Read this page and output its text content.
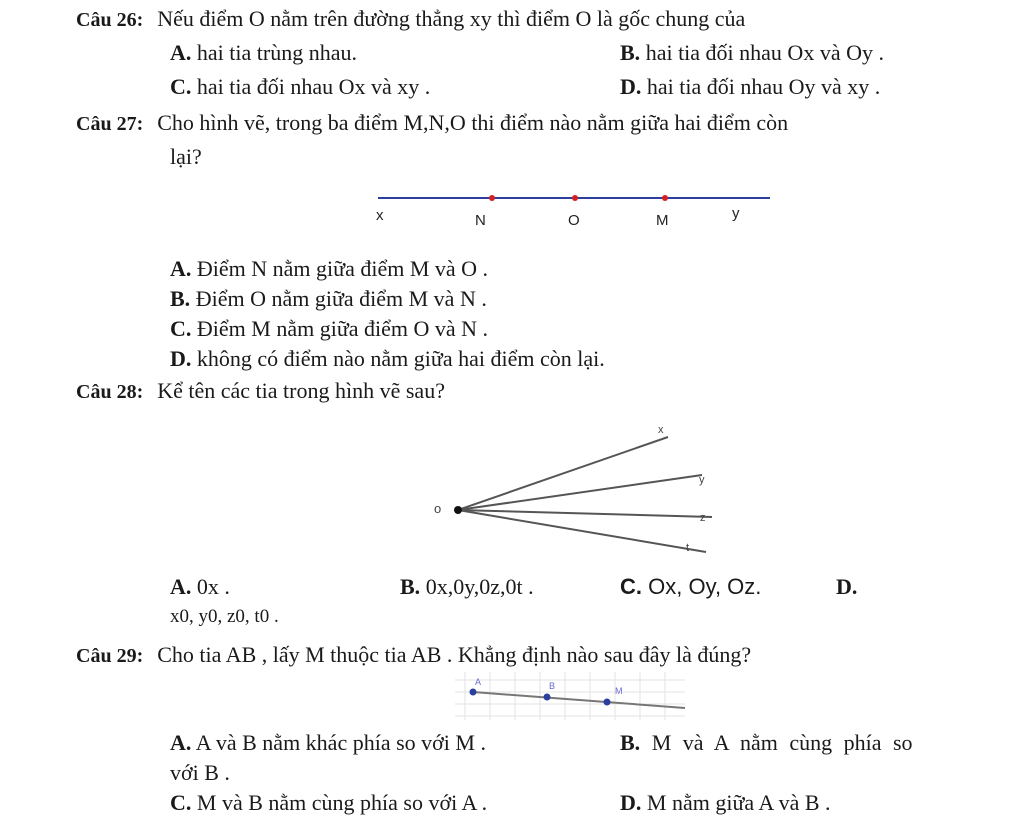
Câu 26: Nếu điểm O nằm trên đường thẳng xy thì điểm O là gốc chung của
A. hai tia trùng nhau.	B. hai tia đối nhau Ox và Oy .
C. hai tia đối nhau Ox và xy .	D. hai tia đối nhau Oy và xy .
Câu 27: Cho hình vẽ, trong ba điểm M,N,O thi điểm nào nằm giữa hai điểm còn
lại?
x	N	O	M	y
A. Điểm N nằm giữa điểm M và O .
B. Điểm O nằm giữa điểm M và N .
C. Điểm M nằm giữa điểm O và N .
D. không có điểm nào nằm giữa hai điểm còn lại.
Câu 28: Kể tên các tia trong hình vẽ sau?
o
x
y
z
t
A. 0x .	B. 0x,0y,0z,0t .	C. Ox, Oy, Oz.	D.
x0, y0, z0, t0 .
Câu 29: Cho tia AB , lấy M thuộc tia AB . Khẳng định nào sau đây là đúng?
A	B	M
A. A và B nằm khác phía so với M .	B. M và A nằm cùng phía so
với B .
C. M và B nằm cùng phía so với A .	D. M nằm giữa A và B .
